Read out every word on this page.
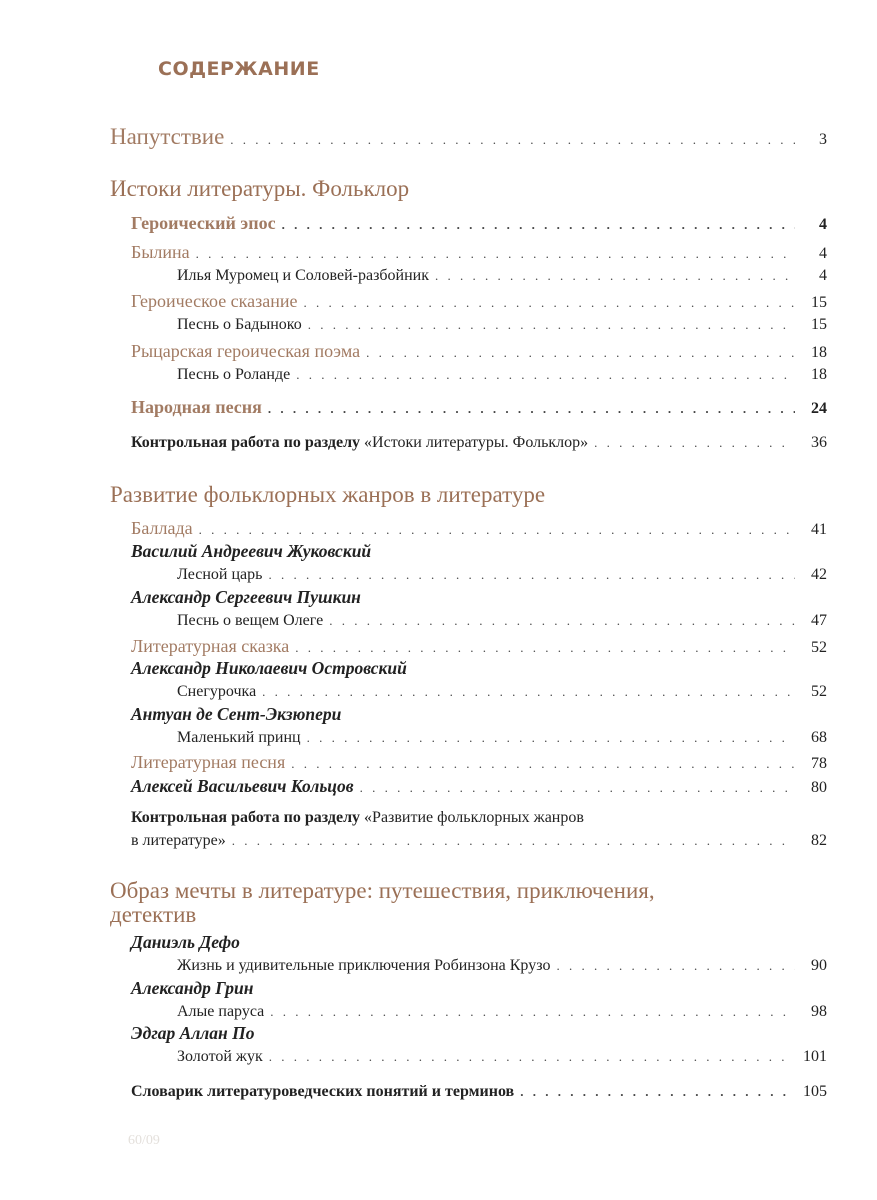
СОДЕРЖАНИЕ
Напутствие . . .	3
Истоки литературы. Фольклор
Героический эпос . . .	4
Былина . . .	4
Илья Муромец и Соловей-разбойник . . .	4
Героическое сказание . . .	15
Песнь о Бадыноко . . .	15
Рыцарская героическая поэма . . .	18
Песнь о Роланде . . .	18
Народная песня . . .	24
Контрольная работа по разделу «Истоки литературы. Фольклор» . . .	36
Развитие фольклорных жанров в литературе
Баллада . . .	41
Василий Андреевич Жуковский
Лесной царь . . .	42
Александр Сергеевич Пушкин
Песнь о вещем Олеге . . .	47
Литературная сказка . . .	52
Александр Николаевич Островский
Снегурочка . . .	52
Антуан де Сент-Экзюпери
Маленький принц . . .	68
Литературная песня . . .	78
Алексей Васильевич Кольцов . . .	80
Контрольная работа по разделу «Развитие фольклорных жанров
в литературе» . . .	82
Образ мечты в литературе: путешествия, приключения,
детектив
Даниэль Дефо
Жизнь и удивительные приключения Робинзона Крузо . . .	90
Александр Грин
Алые паруса . . .	98
Эдгар Аллан По
Золотой жук . . .	101
Словарик литературоведческих понятий и терминов . . .	105
60/09
